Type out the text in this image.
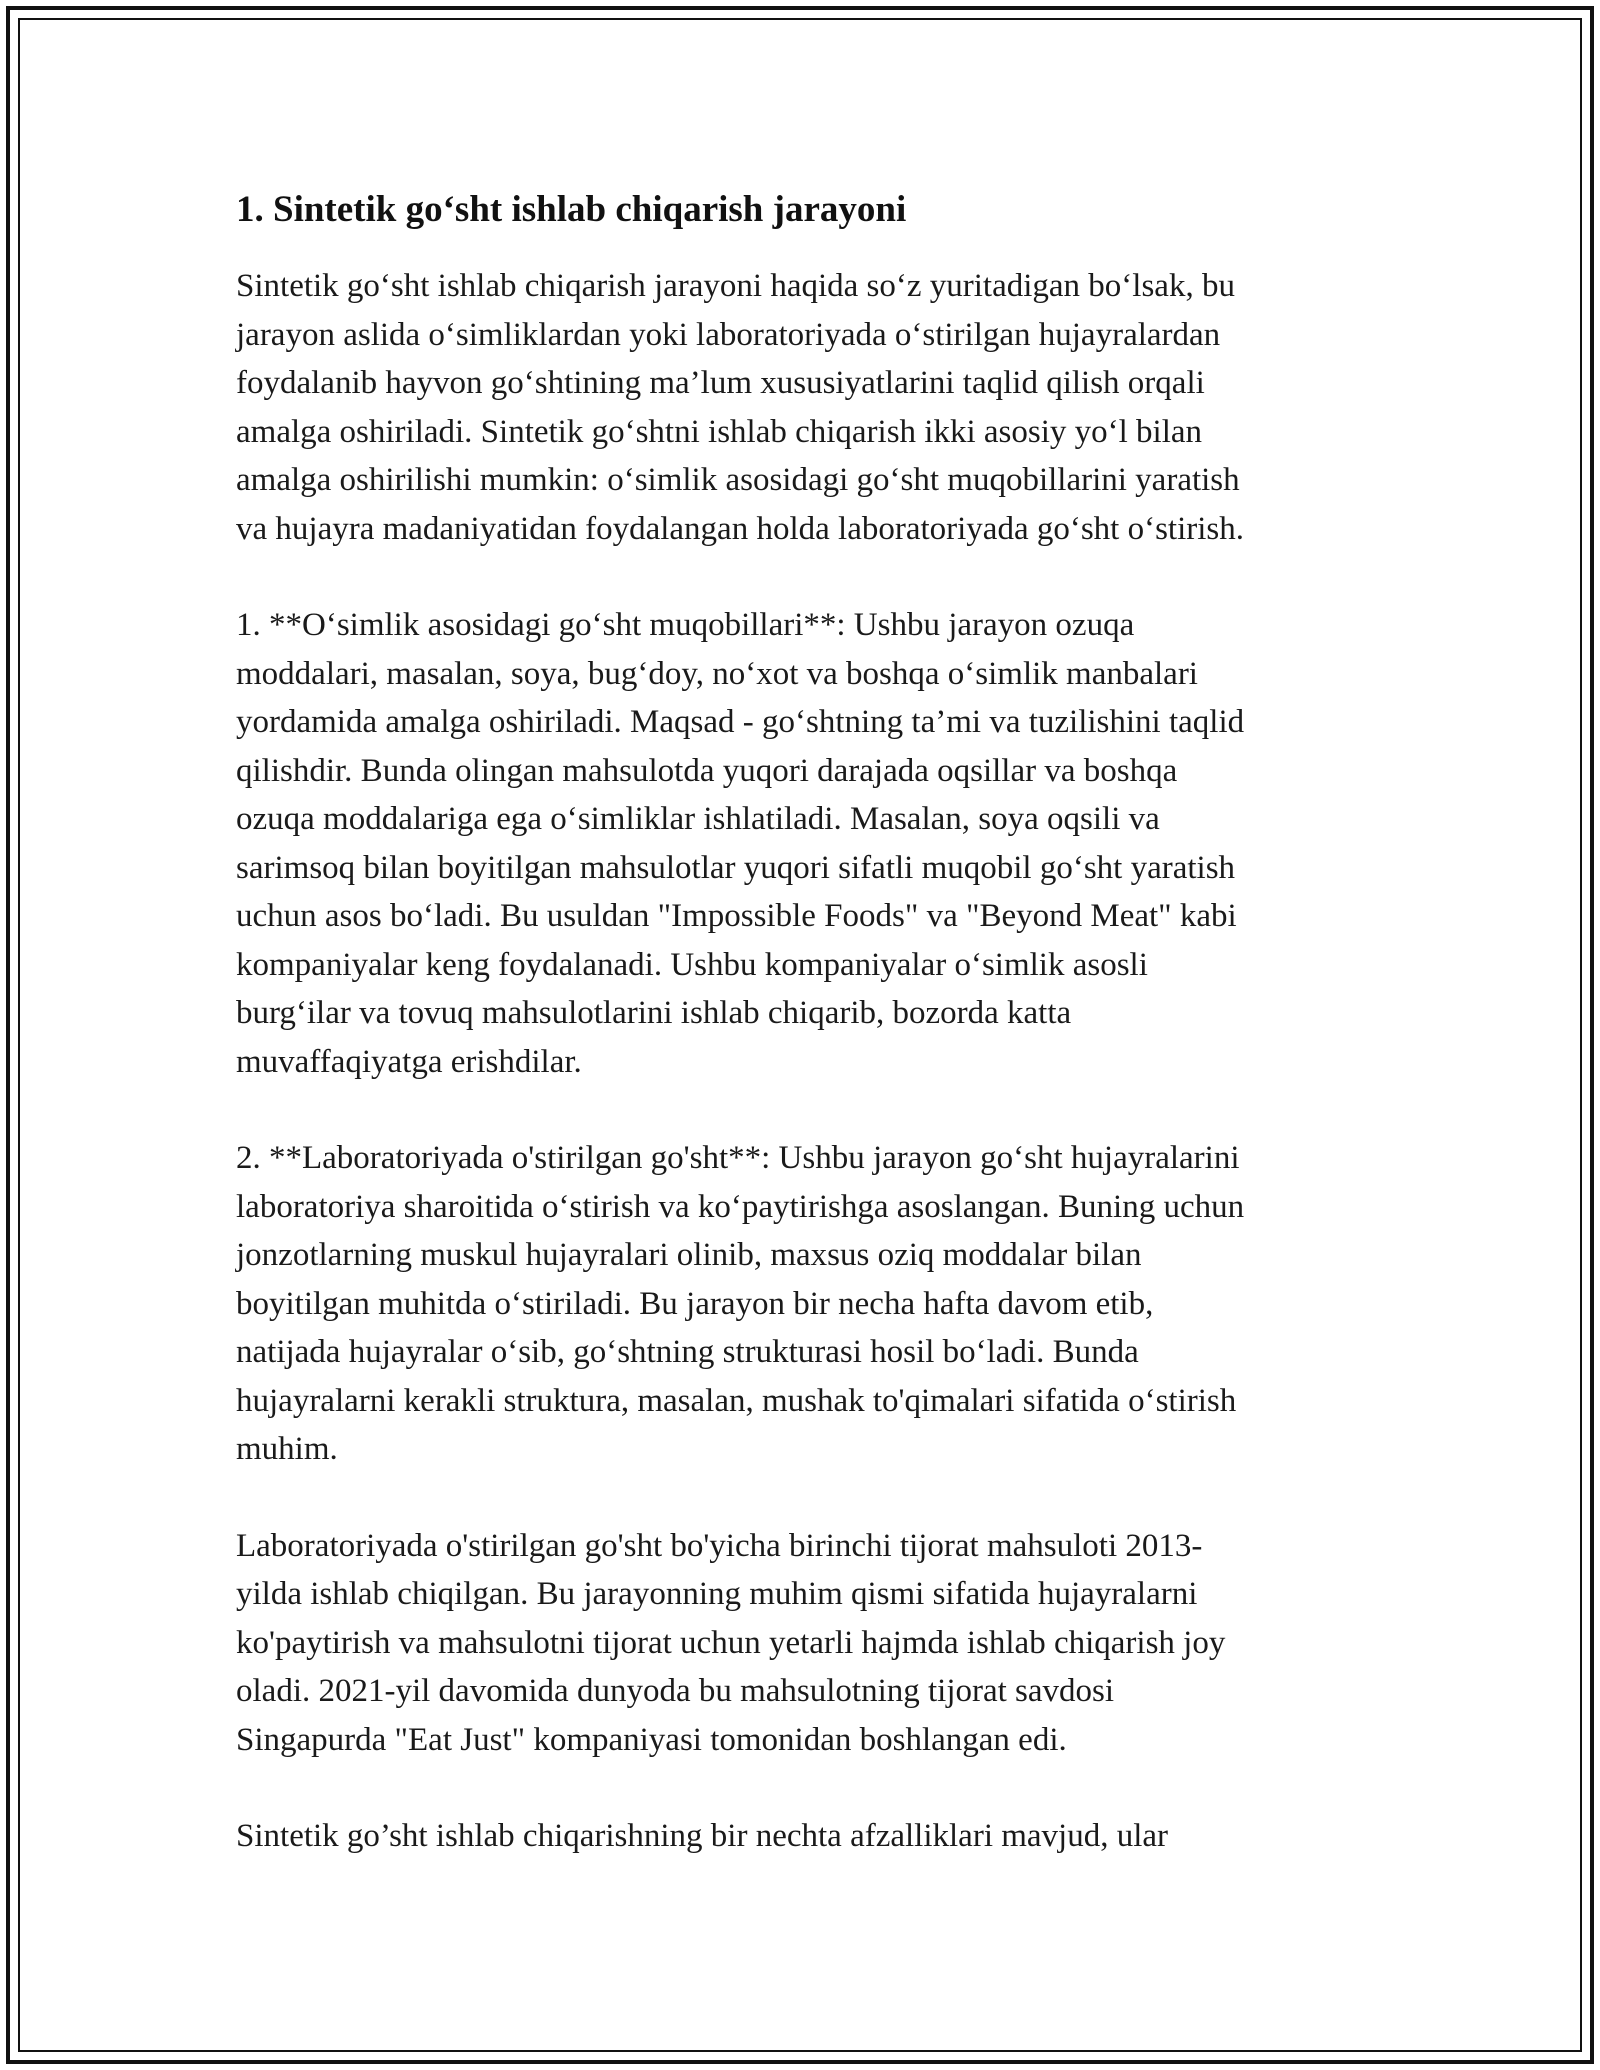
1. Sintetik go‘sht ishlab chiqarish jarayoni
Sintetik go‘sht ishlab chiqarish jarayoni haqida so‘z yuritadigan bo‘lsak, bu
jarayon aslida o‘simliklardan yoki laboratoriyada o‘stirilgan hujayralardan
foydalanib hayvon go‘shtining ma’lum xususiyatlarini taqlid qilish orqali
amalga oshiriladi. Sintetik go‘shtni ishlab chiqarish ikki asosiy yo‘l bilan
amalga oshirilishi mumkin: o‘simlik asosidagi go‘sht muqobillarini yaratish
va hujayra madaniyatidan foydalangan holda laboratoriyada go‘sht o‘stirish.
1. **O‘simlik asosidagi go‘sht muqobillari**: Ushbu jarayon ozuqa
moddalari, masalan, soya, bug‘doy, no‘xot va boshqa o‘simlik manbalari
yordamida amalga oshiriladi. Maqsad - go‘shtning ta’mi va tuzilishini taqlid
qilishdir. Bunda olingan mahsulotda yuqori darajada oqsillar va boshqa
ozuqa moddalariga ega o‘simliklar ishlatiladi. Masalan, soya oqsili va
sarimsoq bilan boyitilgan mahsulotlar yuqori sifatli muqobil go‘sht yaratish
uchun asos bo‘ladi. Bu usuldan "Impossible Foods" va "Beyond Meat" kabi
kompaniyalar keng foydalanadi. Ushbu kompaniyalar o‘simlik asosli
burg‘ilar va tovuq mahsulotlarini ishlab chiqarib, bozorda katta
muvaffaqiyatga erishdilar.
2. **Laboratoriyada o'stirilgan go'sht**: Ushbu jarayon go‘sht hujayralarini
laboratoriya sharoitida o‘stirish va ko‘paytirishga asoslangan. Buning uchun
jonzotlarning muskul hujayralari olinib, maxsus oziq moddalar bilan
boyitilgan muhitda o‘stiriladi. Bu jarayon bir necha hafta davom etib,
natijada hujayralar o‘sib, go‘shtning strukturasi hosil bo‘ladi. Bunda
hujayralarni kerakli struktura, masalan, mushak to'qimalari sifatida o‘stirish
muhim.
Laboratoriyada o'stirilgan go'sht bo'yicha birinchi tijorat mahsuloti 2013-
yilda ishlab chiqilgan. Bu jarayonning muhim qismi sifatida hujayralarni
ko'paytirish va mahsulotni tijorat uchun yetarli hajmda ishlab chiqarish joy
oladi. 2021-yil davomida dunyoda bu mahsulotning tijorat savdosi
Singapurda "Eat Just" kompaniyasi tomonidan boshlangan edi.
Sintetik go’sht ishlab chiqarishning bir nechta afzalliklari mavjud, ular
